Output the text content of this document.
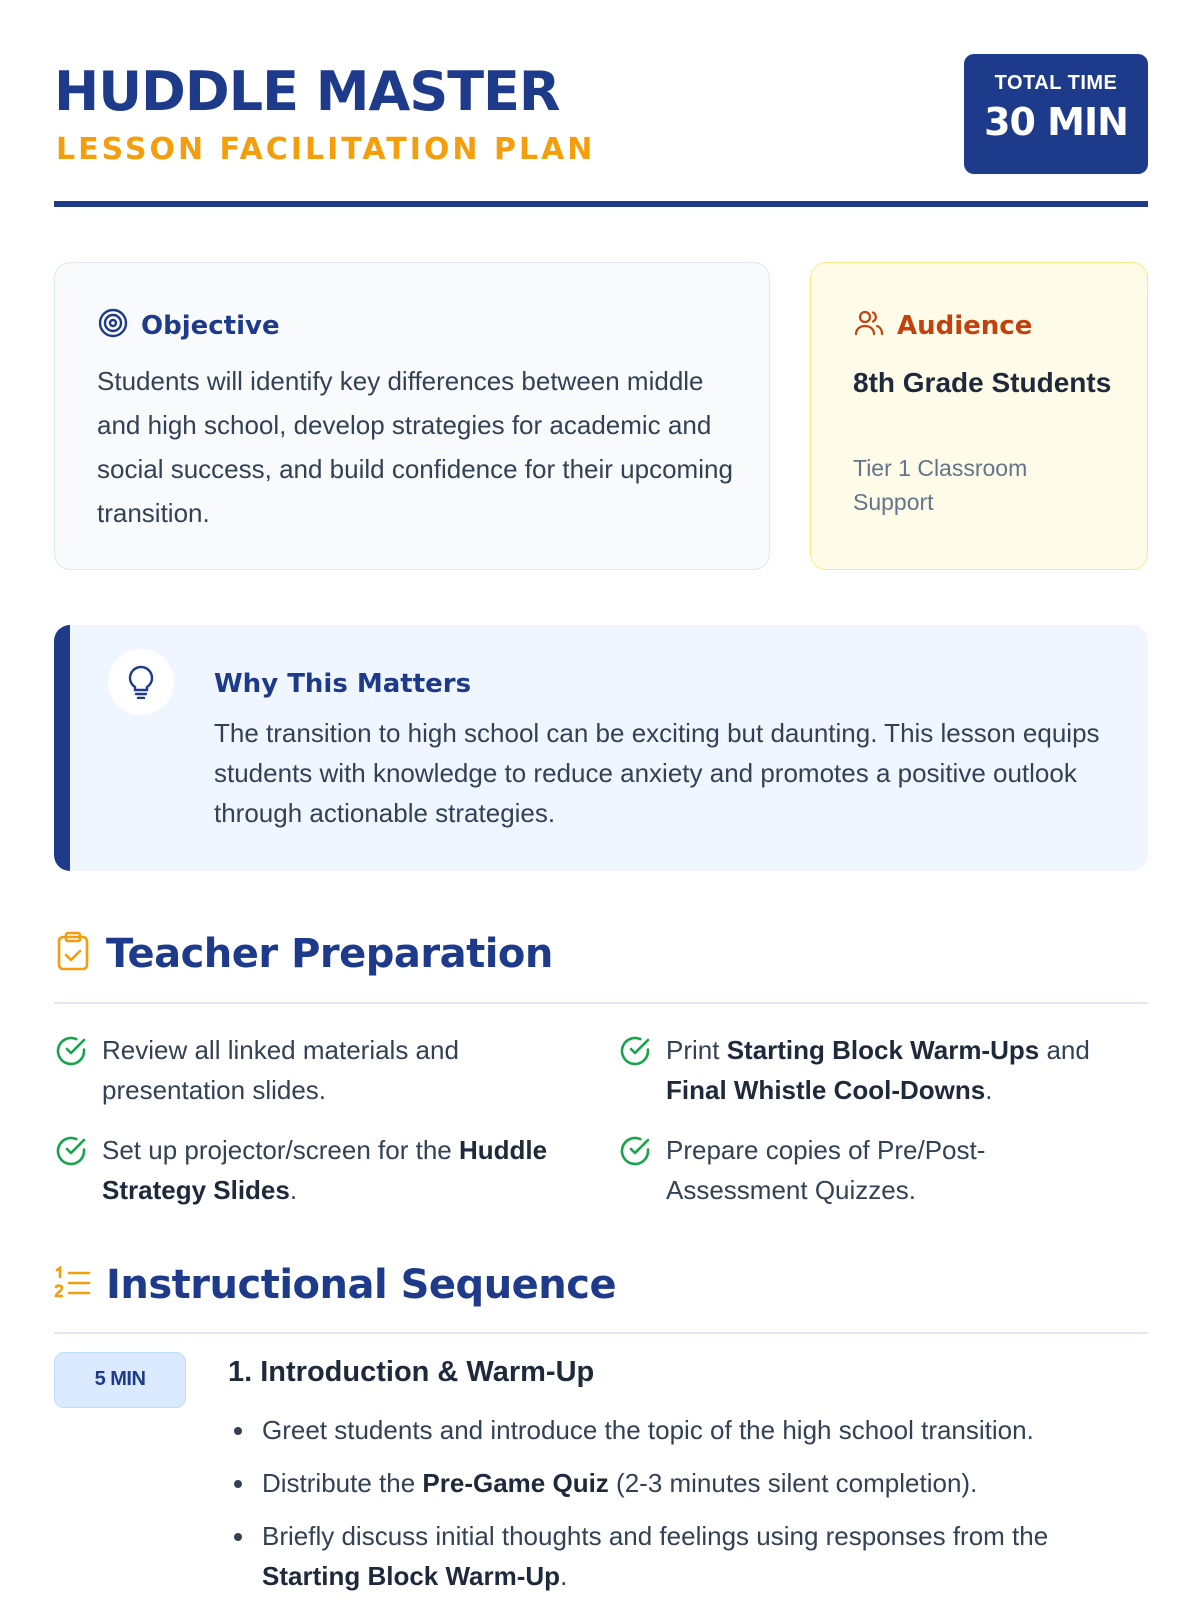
HUDDLE MASTER
LESSON FACILITATION PLAN
TOTAL TIME
30 MIN
Objective
Students will identify key differences between middle and high school, develop strategies for academic and social success, and build confidence for their upcoming transition.
Audience
8th Grade Students
Tier 1 Classroom Support
Why This Matters
The transition to high school can be exciting but daunting. This lesson equips students with knowledge to reduce anxiety and promotes a positive outlook through actionable strategies.
Teacher Preparation
Review all linked materials and presentation slides.
Print Starting Block Warm-Ups and Final Whistle Cool-Downs.
Set up projector/screen for the Huddle Strategy Slides.
Prepare copies of Pre/Post-Assessment Quizzes.
Instructional Sequence
5 MIN	1. Introduction & Warm-Up
Greet students and introduce the topic of the high school transition.
Distribute the Pre-Game Quiz (2-3 minutes silent completion).
Briefly discuss initial thoughts and feelings using responses from the Starting Block Warm-Up.
